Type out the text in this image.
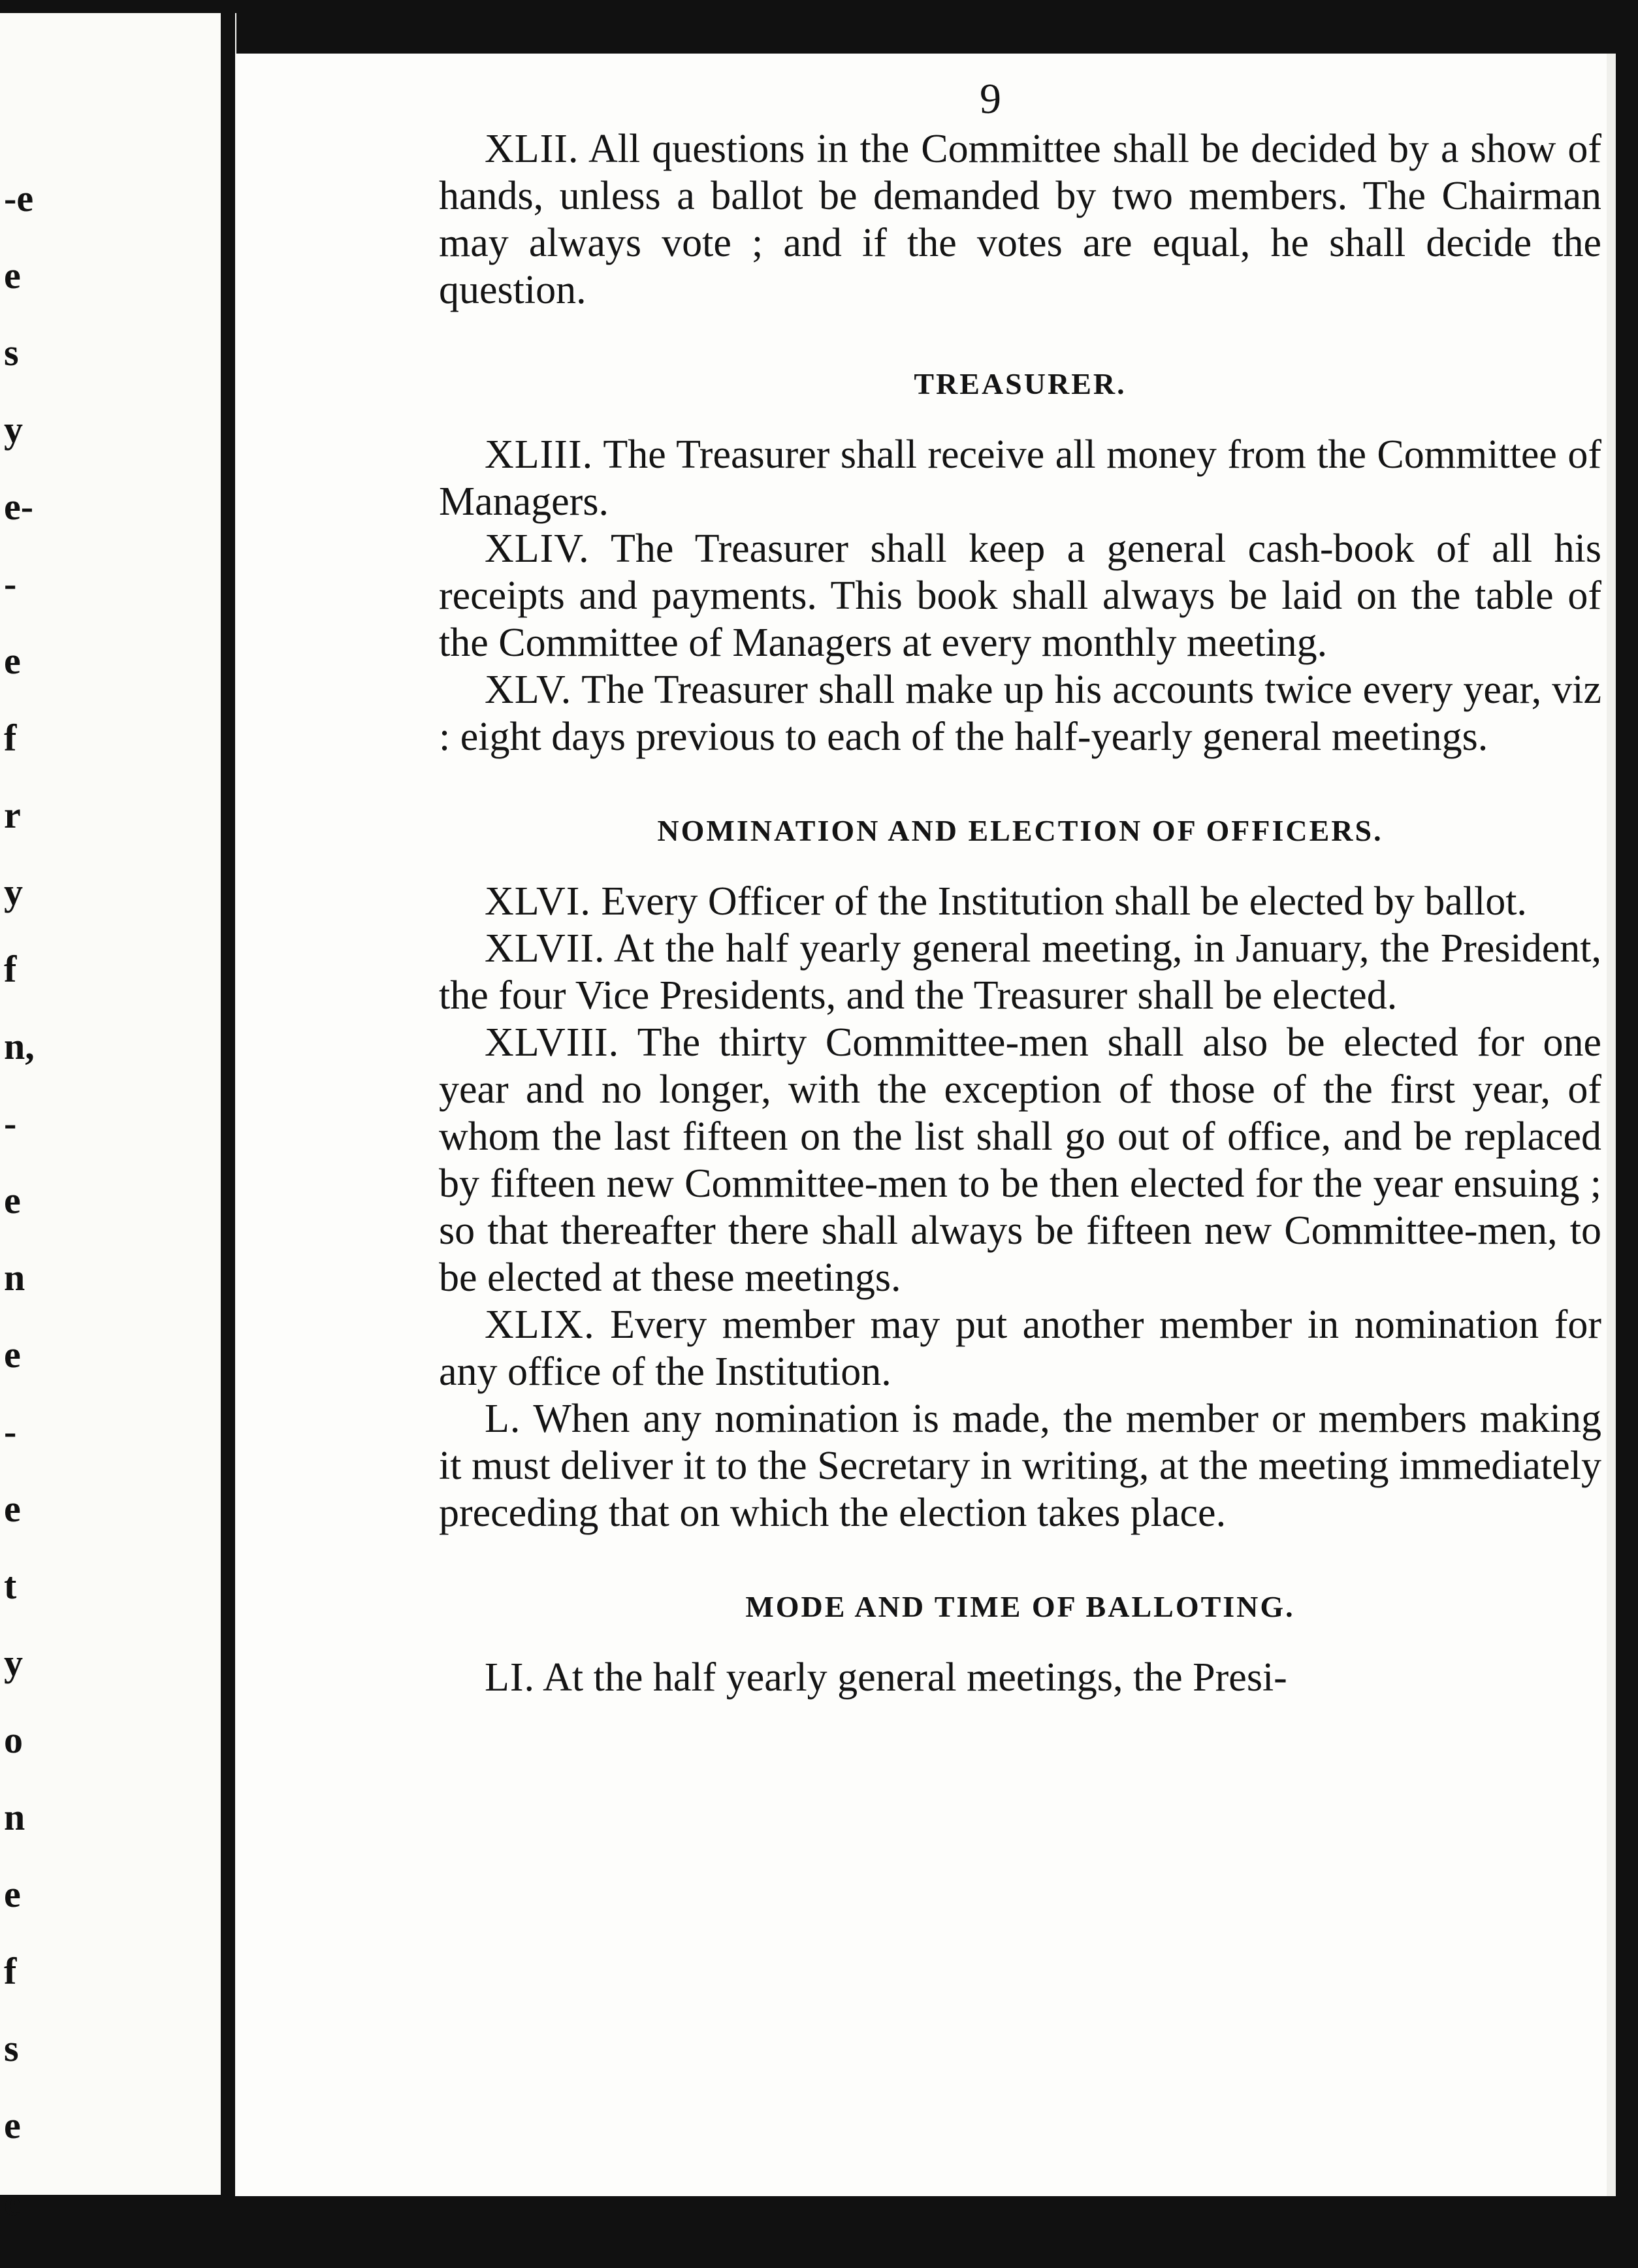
-e
e
s
y
e-
-
e
f
r
y
f
n,
-
e
n
e
-
e
t
y
o
n
e
f
s
e
e
9

XLII. All questions in the Committee shall be decided by a show of hands, unless a ballot be demanded by two members. The Chairman may always vote ; and if the votes are equal, he shall decide the question.

TREASURER.

XLIII. The Treasurer shall receive all money from the Committee of Managers.

XLIV. The Treasurer shall keep a general cash-book of all his receipts and payments. This book shall always be laid on the table of the Committee of Managers at every monthly meeting.

XLV. The Treasurer shall make up his accounts twice every year, viz : eight days previous to each of the half-yearly general meetings.

NOMINATION AND ELECTION OF OFFICERS.

XLVI. Every Officer of the Institution shall be elected by ballot.

XLVII. At the half yearly general meeting, in January, the President, the four Vice Presidents, and the Treasurer shall be elected.

XLVIII. The thirty Committee-men shall also be elected for one year and no longer, with the exception of those of the first year, of whom the last fifteen on the list shall go out of office, and be replaced by fifteen new Committee-men to be then elected for the year ensuing ; so that thereafter there shall always be fifteen new Committee-men, to be elected at these meetings.

XLIX. Every member may put another member in nomination for any office of the Institution.

L. When any nomination is made, the member or members making it must deliver it to the Secretary in writing, at the meeting immediately preceding that on which the election takes place.

MODE AND TIME OF BALLOTING.

LI. At the half yearly general meetings, the Presi-
